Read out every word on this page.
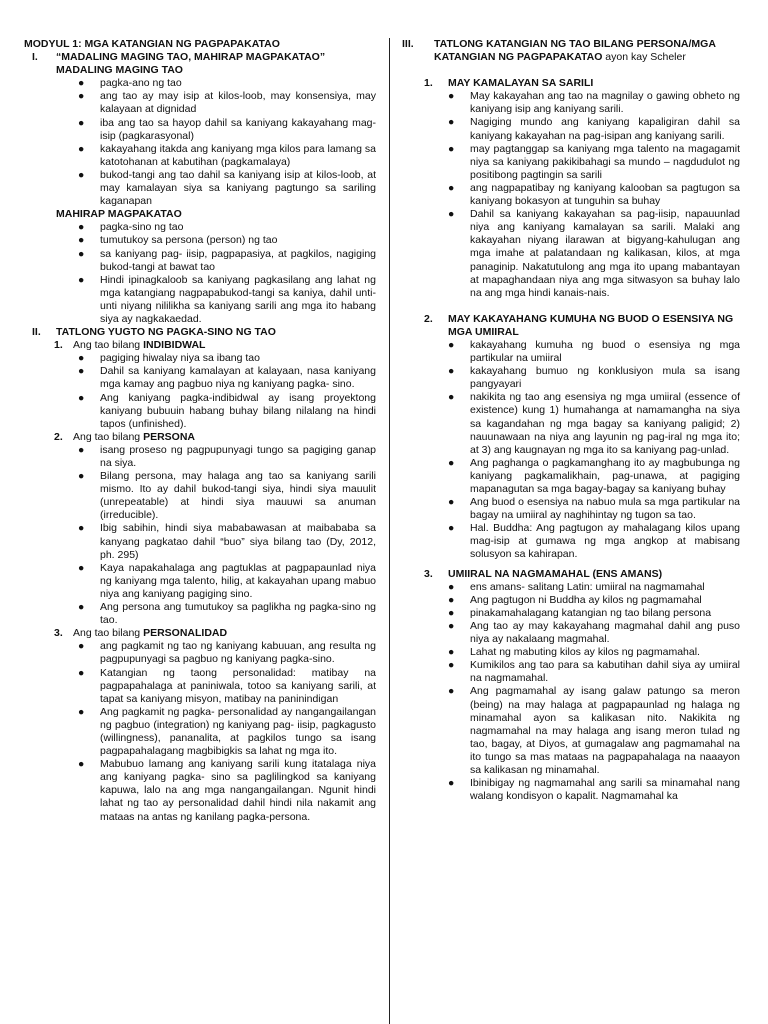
MODYUL 1: MGA KATANGIAN NG PAGPAPAKATAO
I.	“MADALING MAGING TAO, MAHIRAP MAGPAKATAO”
MADALING MAGING TAO
● pagka-ano ng tao
● ang tao ay may isip at kilos-loob, may konsensiya, may kalayaan at dignidad
● iba ang tao sa hayop dahil sa kaniyang kakayahang mag-isip (pagkarasyonal)
● kakayahang itakda ang kaniyang mga kilos para lamang sa katotohanan at kabutihan (pagkamalaya)
● bukod-tangi ang tao dahil sa kaniyang isip at kilos-loob, at may kamalayan siya sa kaniyang pagtungo sa sariling kaganapan
MAHIRAP MAGPAKATAO
● pagka-sino ng tao
● tumutukoy sa persona (person) ng tao
● sa kaniyang pag- iisip, pagpapasiya, at pagkilos, nagiging bukod-tangi at bawat tao
● Hindi ipinagkaloob sa kaniyang pagkasilang ang lahat ng mga katangiang nagpapabukod-tangi sa kaniya, dahil unti-unti niyang nililikha sa kaniyang sarili ang mga ito habang siya ay nagkakaedad.
II.	TATLONG YUGTO NG PAGKA-SINO NG TAO
1. Ang tao bilang INDIBIDWAL
● pagiging hiwalay niya sa ibang tao
● Dahil sa kaniyang kamalayan at kalayaan, nasa kaniyang mga kamay ang pagbuo niya ng kaniyang pagka- sino.
● Ang kaniyang pagka-indibidwal ay isang proyektong kaniyang bubuuin habang buhay bilang nilalang na hindi tapos (unfinished).
2. Ang tao bilang PERSONA
● isang proseso ng pagpupunyagi tungo sa pagiging ganap na siya.
● Bilang persona, may halaga ang tao sa kaniyang sarili mismo. Ito ay dahil bukod-tangi siya, hindi siya mauulit (unrepeatable) at hindi siya mauuwi sa anuman (irreducible).
● Ibig sabihin, hindi siya mababawasan at maibababa sa kanyang pagkatao dahil “buo” siya bilang tao (Dy, 2012, ph. 295)
● Kaya napakahalaga ang pagtuklas at pagpapaunlad niya ng kaniyang mga talento, hilig, at kakayahan upang mabuo niya ang kaniyang pagiging sino.
● Ang persona ang tumutukoy sa paglikha ng pagka-sino ng tao.
3. Ang tao bilang PERSONALIDAD
● ang pagkamit ng tao ng kaniyang kabuuan, ang resulta ng pagpupunyagi sa pagbuo ng kaniyang pagka-sino.
● Katangian ng taong personalidad: matibay na pagpapahalaga at paniniwala, totoo sa kaniyang sarili, at tapat sa kaniyang misyon, matibay na paninindigan
● Ang pagkamit ng pagka- personalidad ay nangangailangan ng pagbuo (integration) ng kaniyang pag- iisip, pagkagusto (willingness), pananalita, at pagkilos tungo sa isang pagpapahalagang magbibigkis sa lahat ng mga ito.
● Mabubuo lamang ang kaniyang sarili kung itatalaga niya ang kaniyang pagka- sino sa paglilingkod sa kaniyang kapuwa, lalo na ang mga nangangailangan. Ngunit hindi lahat ng tao ay personalidad dahil hindi nila nakamit ang mataas na antas ng kanilang pagka-persona.
III.	TATLONG KATANGIAN NG TAO BILANG PERSONA/MGA KATANGIAN NG PAGPAPAKATAO ayon kay Scheler
1.	MAY KAMALAYAN SA SARILI
● May kakayahan ang tao na magnilay o gawing obheto ng kaniyang isip ang kaniyang sarili.
● Nagiging mundo ang kaniyang kapaligiran dahil sa kaniyang kakayahan na pag-isipan ang kaniyang sarili.
● may pagtanggap sa kaniyang mga talento na magagamit niya sa kaniyang pakikibahagi sa mundo – nagdudulot ng positibong pagtingin sa sarili
● ang nagpapatibay ng kaniyang kalooban sa pagtugon sa kaniyang bokasyon at tunguhin sa buhay
● Dahil sa kaniyang kakayahan sa pag-iisip, napauunlad niya ang kaniyang kamalayan sa sarili. Malaki ang kakayahan niyang ilarawan at bigyang-kahulugan ang mga imahe at palatandaan ng kalikasan, kilos, at mga panaginip. Nakatutulong ang mga ito upang mabantayan at mapaghandaan niya ang mga sitwasyon sa buhay lalo na ang mga hindi kanais-nais.
2.	MAY KAKAYAHANG KUMUHA NG BUOD O ESENSIYA NG MGA UMIIRAL
● kakayahang kumuha ng buod o esensiya ng mga partikular na umiiral
● kakayahang bumuo ng konklusiyon mula sa isang pangyayari
● nakikita ng tao ang esensiya ng mga umiiral (essence of existence) kung 1) humahanga at namamangha na siya sa kagandahan ng mga bagay sa kaniyang paligid; 2) nauunawaan na niya ang layunin ng pag-iral ng mga ito; at 3) ang kaugnayan ng mga ito sa kaniyang pag-unlad.
● Ang paghanga o pagkamanghang ito ay magbubunga ng kaniyang pagkamalikhain, pag-unawa, at pagiging mapanagutan sa mga bagay-bagay sa kaniyang buhay
● Ang buod o esensiya na nabuo mula sa mga partikular na bagay na umiiral ay naghihintay ng tugon sa tao.
● Hal. Buddha: Ang pagtugon ay mahalagang kilos upang mag-isip at gumawa ng mga angkop at mabisang solusyon sa kahirapan.
3.	UMIIRAL NA NAGMAMAHAL (ENS AMANS)
● ens amans- salitang Latin: umiiral na nagmamahal
● Ang pagtugon ni Buddha ay kilos ng pagmamahal
● pinakamahalagang katangian ng tao bilang persona
● Ang tao ay may kakayahang magmahal dahil ang puso niya ay nakalaang magmahal.
● Lahat ng mabuting kilos ay kilos ng pagmamahal.
● Kumikilos ang tao para sa kabutihan dahil siya ay umiiral na nagmamahal.
● Ang pagmamahal ay isang galaw patungo sa meron (being) na may halaga at pagpapaunlad ng halaga ng minamahal ayon sa kalikasan nito. Nakikita ng nagmamahal na may halaga ang isang meron tulad ng tao, bagay, at Diyos, at gumagalaw ang pagmamahal na ito tungo sa mas mataas na pagpapahalaga na naaayon sa kalikasan ng minamahal.
● Ibinibigay ng nagmamahal ang sarili sa minamahal nang walang kondisyon o kapalit. Nagmamahal ka
